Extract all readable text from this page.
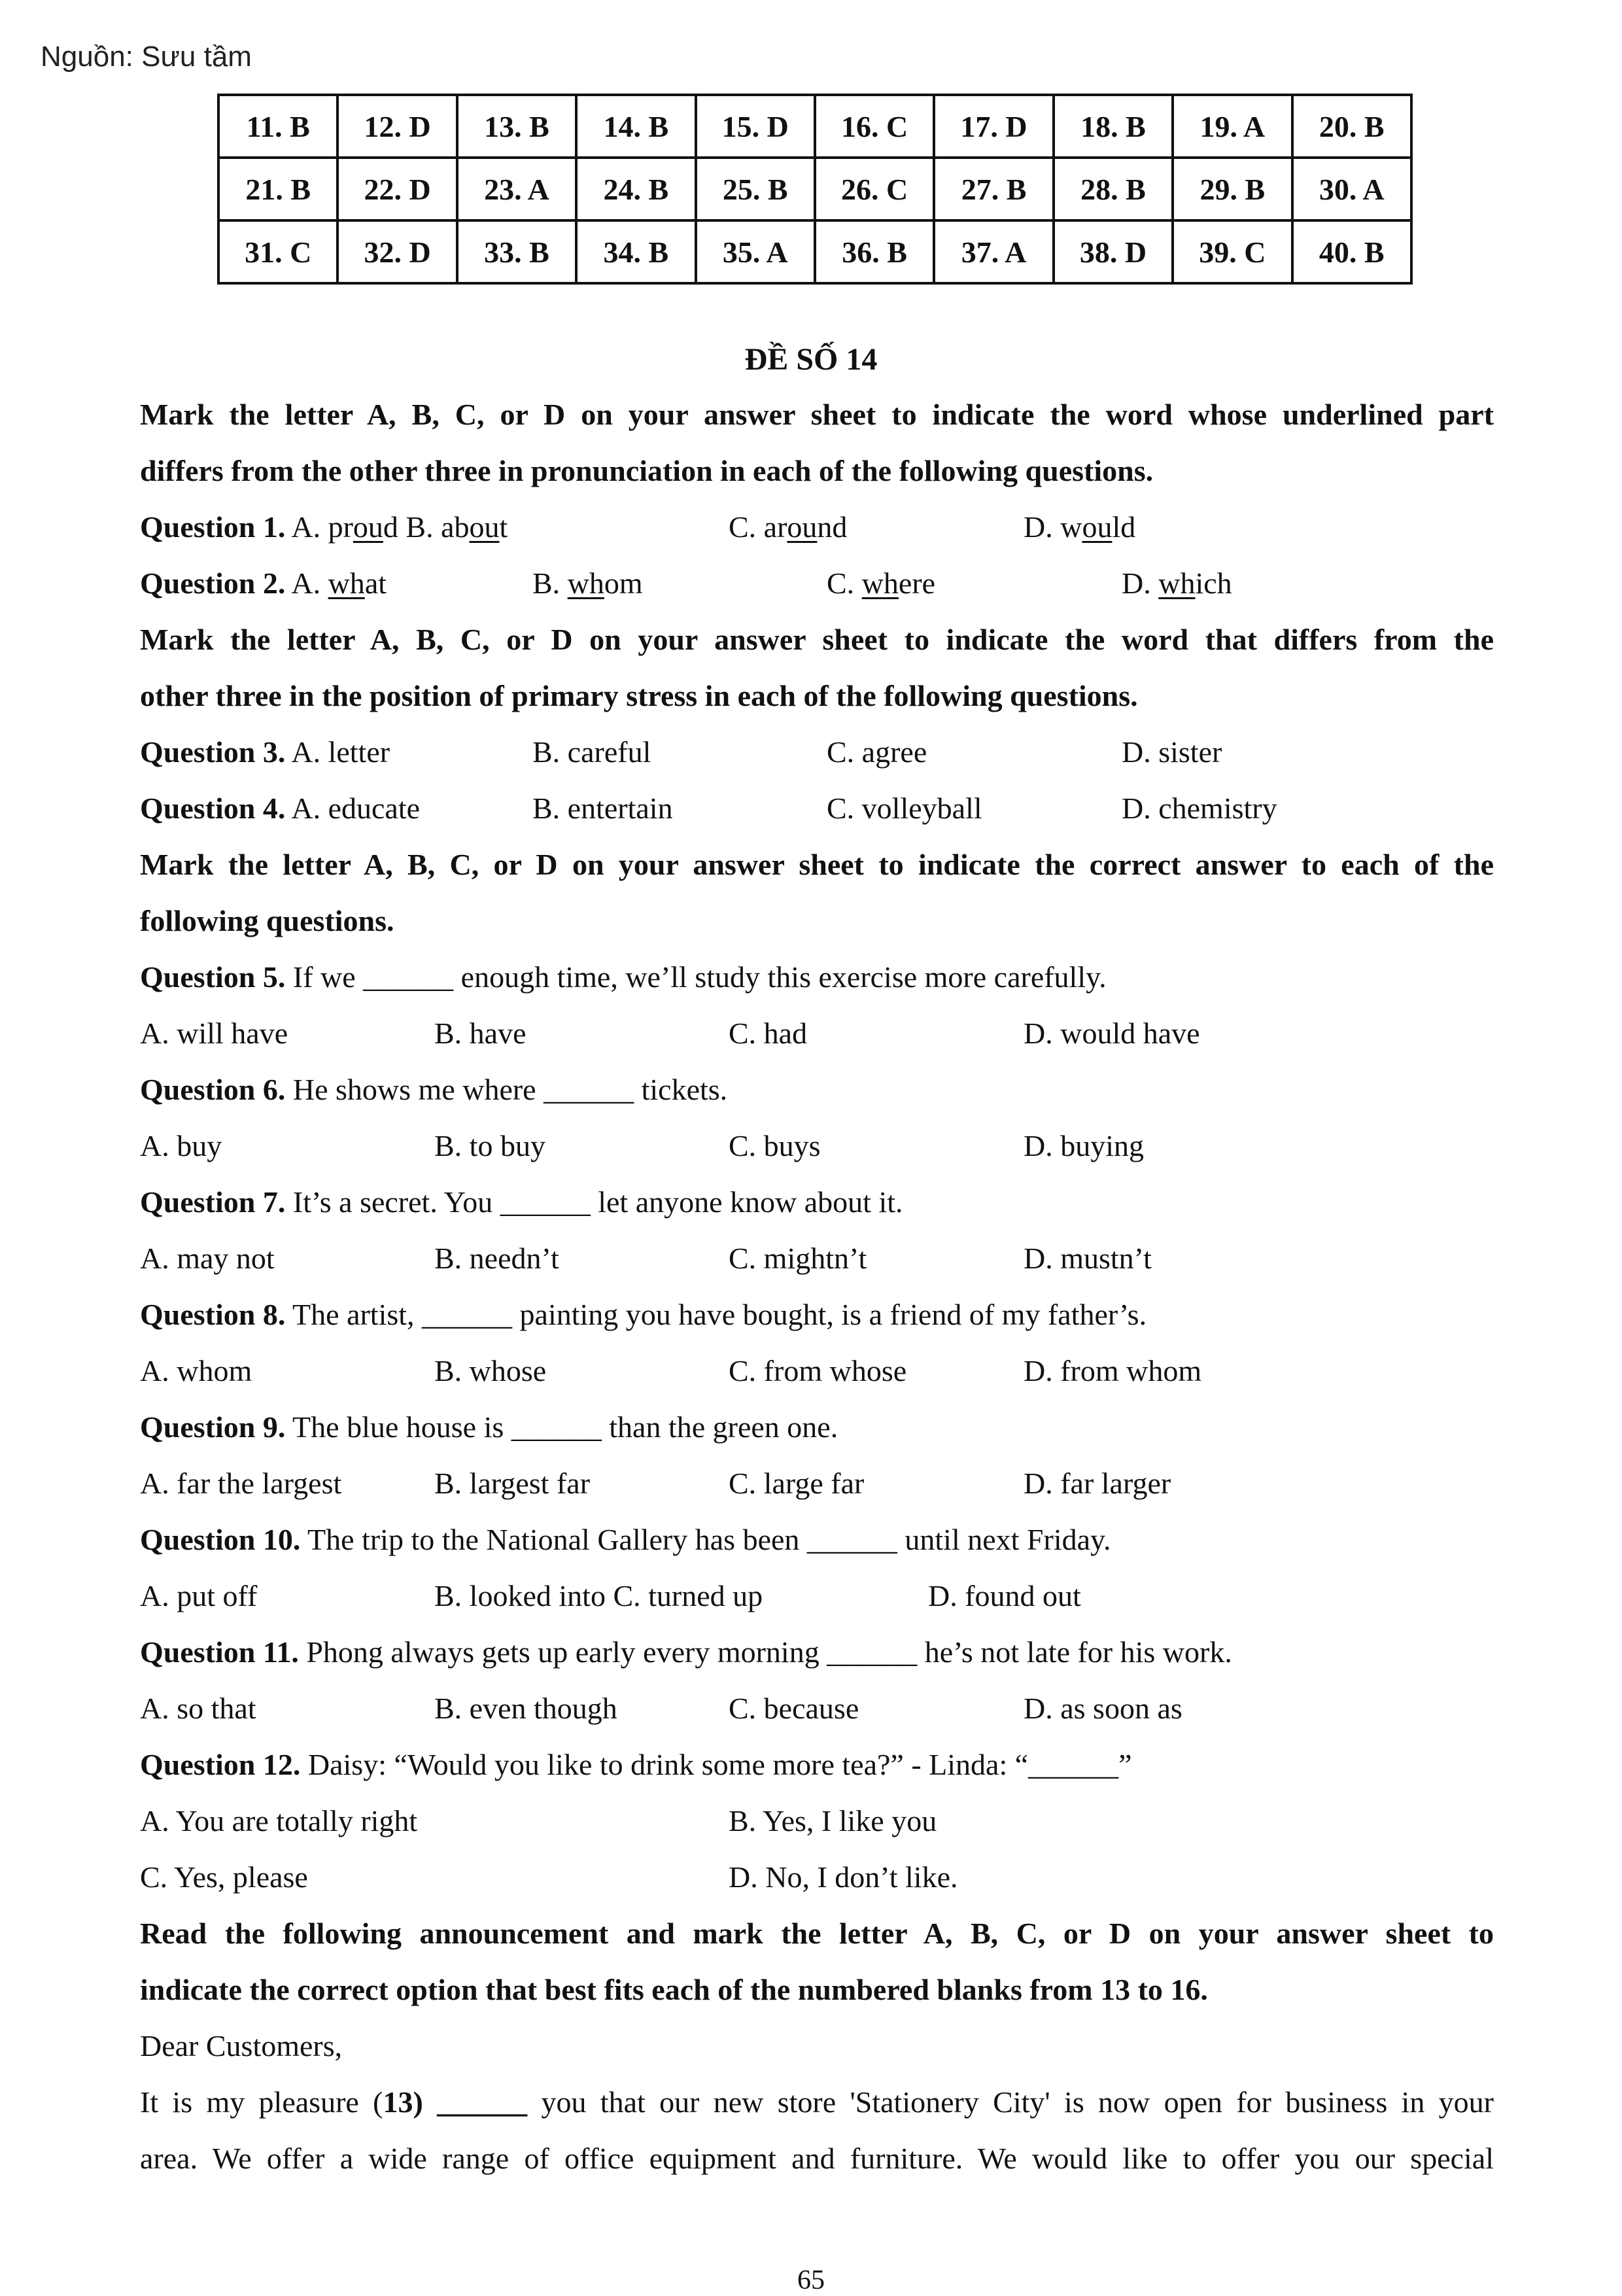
Nguồn: Sưu tầm
11. B	12. D	13. B	14. B	15. D	16. C	17. D	18. B	19. A	20. B
21. B	22. D	23. A	24. B	25. B	26. C	27. B	28. B	29. B	30. A
31. C	32. D	33. B	34. B	35. A	36. B	37. A	38. D	39. C	40. B
ĐỀ SỐ 14
Mark the letter A, B, C, or D on your answer sheet to indicate the word whose underlined part
differs from the other three in pronunciation in each of the following questions.
Question 1. A. proud B. about	C. around	D. would
Question 2. A. what	B. whom	C. where	D. which
Mark the letter A, B, C, or D on your answer sheet to indicate the word that differs from the
other three in the position of primary stress in each of the following questions.
Question 3. A. letter	B. careful	C. agree	D. sister
Question 4. A. educate	B. entertain	C. volleyball	D. chemistry
Mark the letter A, B, C, or D on your answer sheet to indicate the correct answer to each of the
following questions.
Question 5. If we ______ enough time, we’ll study this exercise more carefully.
A. will have	B. have	C. had	D. would have
Question 6. He shows me where ______ tickets.
A. buy	B. to buy	C. buys	D. buying
Question 7. It’s a secret. You ______ let anyone know about it.
A. may not	B. needn’t	C. mightn’t	D. mustn’t
Question 8. The artist, ______ painting you have bought, is a friend of my father’s.
A. whom	B. whose	C. from whose	D. from whom
Question 9. The blue house is ______ than the green one.
A. far the largest	B. largest far	C. large far	D. far larger
Question 10. The trip to the National Gallery has been ______ until next Friday.
A. put off	B. looked into C. turned up	D. found out
Question 11. Phong always gets up early every morning ______ he’s not late for his work.
A. so that	B. even though	C. because	D. as soon as
Question 12. Daisy: “Would you like to drink some more tea?” - Linda: “______”
A. You are totally right	B. Yes, I like you
C. Yes, please	D. No, I don’t like.
Read the following announcement and mark the letter A, B, C, or D on your answer sheet to
indicate the correct option that best fits each of the numbered blanks from 13 to 16.
Dear Customers,
It is my pleasure (13) ______ you that our new store 'Stationery City' is now open for business in your
area. We offer a wide range of office equipment and furniture. We would like to offer you our special
65
